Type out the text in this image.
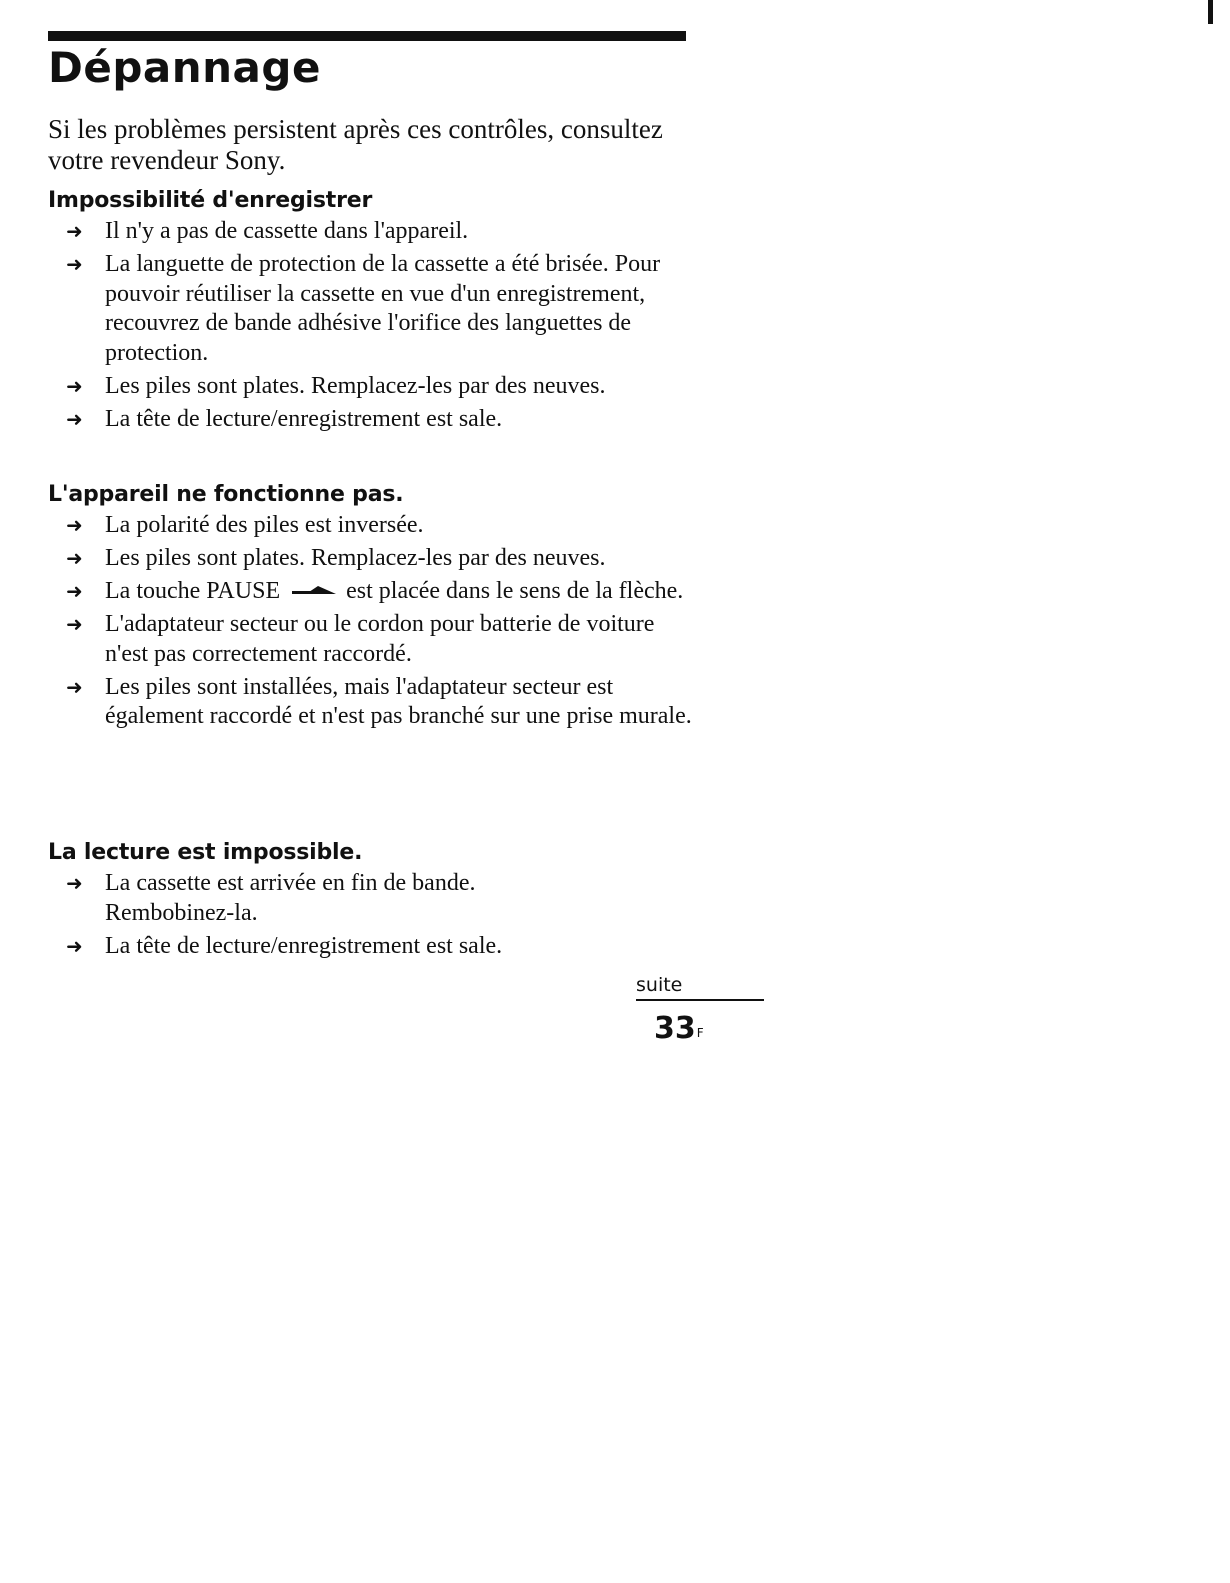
Dépannage

Si les problèmes persistent après ces contrôles, consultez votre revendeur Sony.

Impossibilité d'enregistrer
➜ Il n'y a pas de cassette dans l'appareil.
➜ La languette de protection de la cassette a été brisée. Pour pouvoir réutiliser la cassette en vue d'un enregistrement, recouvrez de bande adhésive l'orifice des languettes de protection.
➜ Les piles sont plates. Remplacez-les par des neuves.
➜ La tête de lecture/enregistrement est sale.
L'appareil ne fonctionne pas.
➜ La polarité des piles est inversée.
➜ Les piles sont plates. Remplacez-les par des neuves.
➜ La touche PAUSE	est placée dans le sens de la flèche.
➜ L'adaptateur secteur ou le cordon pour batterie de voiture n'est pas correctement raccordé.
➜ Les piles sont installées, mais l'adaptateur secteur est également raccordé et n'est pas branché sur une prise murale.
La lecture est impossible.
➜ La cassette est arrivée en fin de bande. Rembobinez-la.
➜ La tête de lecture/enregistrement est sale.
suite
$33^F$
